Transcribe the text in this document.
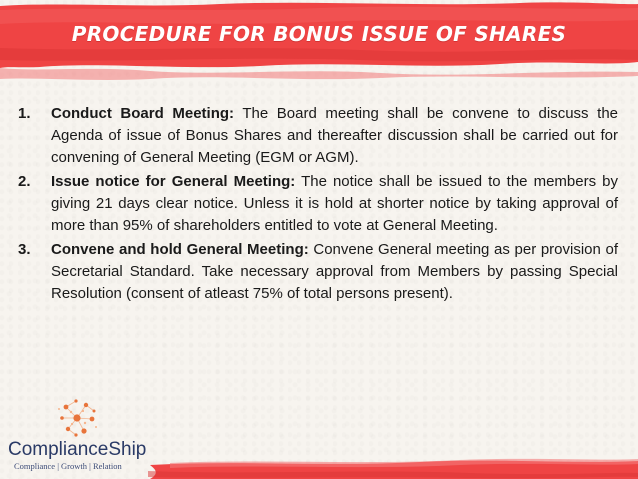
PROCEDURE FOR BONUS ISSUE OF SHARES
1.	Conduct Board Meeting: The Board meeting shall be convene to discuss the Agenda of issue of Bonus Shares and thereafter discussion shall be carried out for convening of General Meeting (EGM or AGM).
2.	Issue notice for General Meeting: The notice shall be issued to the members by giving 21 days clear notice. Unless it is hold at shorter notice by taking approval of more than 95% of shareholders entitled to vote at General Meeting.
3.	Convene and hold General Meeting: Convene General meeting as per provision of Secretarial Standard. Take necessary approval from Members by passing Special Resolution (consent of atleast 75% of total persons present).
ComplianceShip
Compliance | Growth | Relation
